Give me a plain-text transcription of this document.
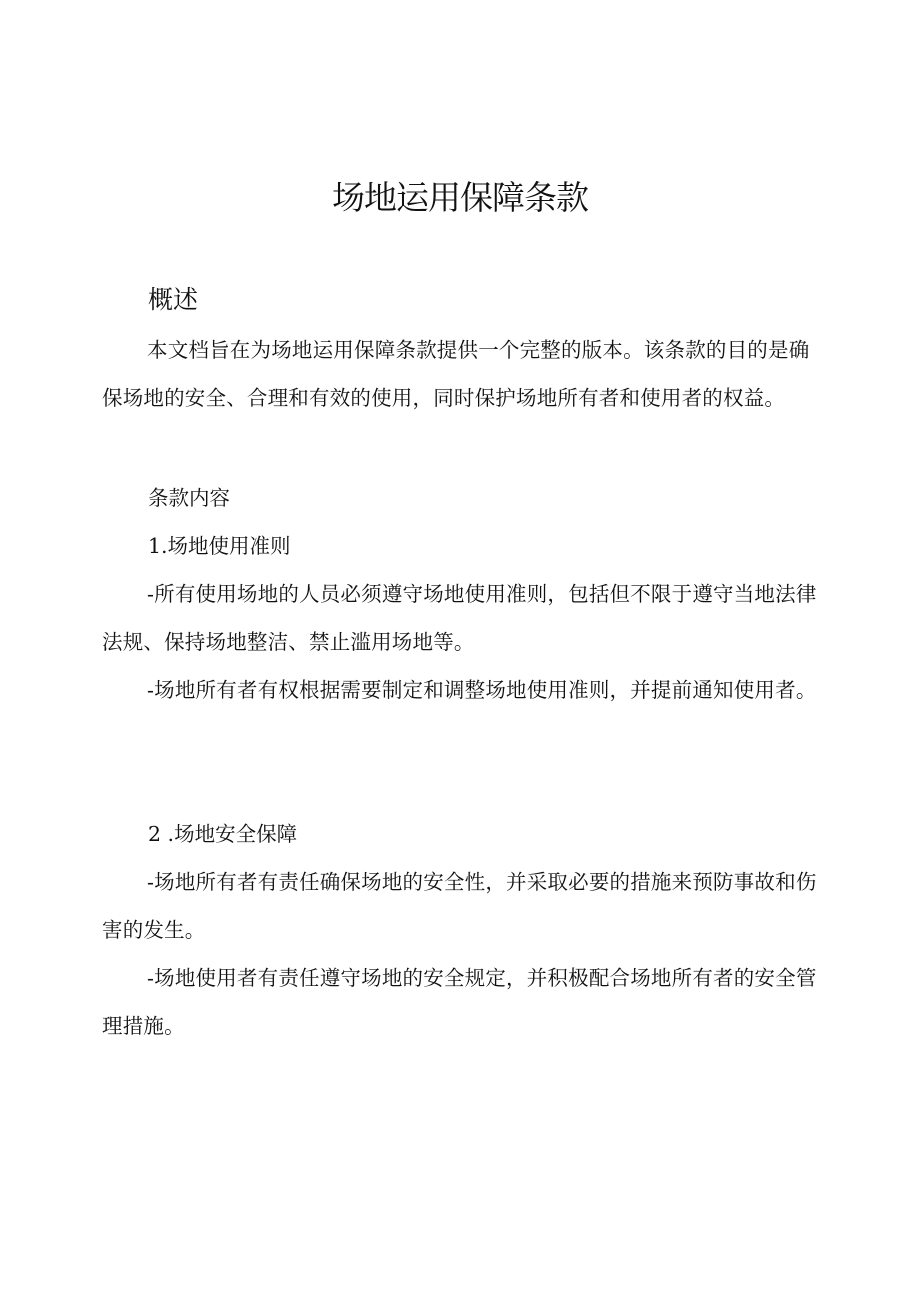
场地运用保障条款
概述

本文档旨在为场地运用保障条款提供一个完整的版本。该条款的目的是确保场地的安全、合理和有效的使用，同时保护场地所有者和使用者的权益。

条款内容

1.场地使用准则

-所有使用场地的人员必须遵守场地使用准则，包括但不限于遵守当地法律法规、保持场地整洁、禁止滥用场地等。

-场地所有者有权根据需要制定和调整场地使用准则，并提前通知使用者。

2 .场地安全保障

-场地所有者有责任确保场地的安全性，并采取必要的措施来预防事故和伤害的发生。

-场地使用者有责任遵守场地的安全规定，并积极配合场地所有者的安全管理措施。
